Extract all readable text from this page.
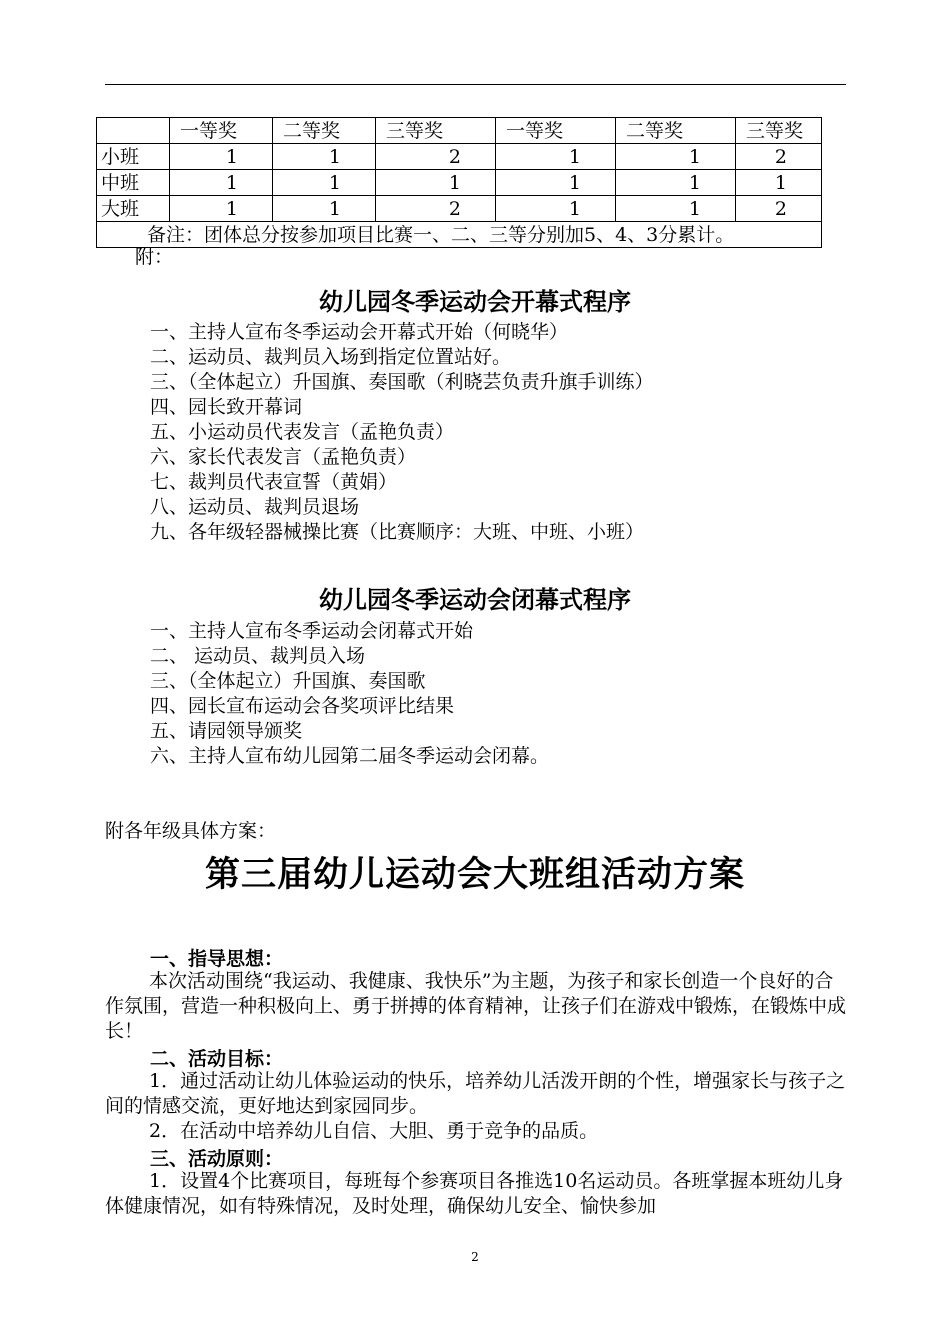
	一等奖	二等奖	三等奖	一等奖	二等奖	三等奖
小班	1	1	2	1	1	2
中班	1	1	1	1	1	1
大班	1	1	2	1	1	2
备注：团体总分按参加项目比赛一、二、三等分别加5、4、3分累计。						
附：
幼儿园冬季运动会开幕式程序
一、主持人宣布冬季运动会开幕式开始（何晓华）
二、运动员、裁判员入场到指定位置站好。
三、（全体起立）升国旗、奏国歌（利晓芸负责升旗手训练）
四、园长致开幕词
五、小运动员代表发言（孟艳负责）
六、家长代表发言（孟艳负责）
七、裁判员代表宣誓（黄娟）
八、运动员、裁判员退场
九、各年级轻器械操比赛（比赛顺序：大班、中班、小班）
幼儿园冬季运动会闭幕式程序
一、主持人宣布冬季运动会闭幕式开始
二、 运动员、裁判员入场
三、（全体起立）升国旗、奏国歌
四、园长宣布运动会各奖项评比结果
五、请园领导颁奖
六、主持人宣布幼儿园第二届冬季运动会闭幕。
附各年级具体方案：
第三届幼儿运动会大班组活动方案
一、指导思想：
本次活动围绕“我运动、我健康、我快乐”为主题，为孩子和家长创造一个良好的合作氛围，营造一种积极向上、勇于拼搏的体育精神，让孩子们在游戏中锻炼，在锻炼中成长！
二、活动目标：
1．通过活动让幼儿体验运动的快乐，培养幼儿活泼开朗的个性，增强家长与孩子之间的情感交流，更好地达到家园同步。
2．在活动中培养幼儿自信、大胆、勇于竞争的品质。
三、活动原则：
1．设置4个比赛项目，每班每个参赛项目各推选10名运动员。各班掌握本班幼儿身体健康情况，如有特殊情况，及时处理，确保幼儿安全、愉快参加
2
